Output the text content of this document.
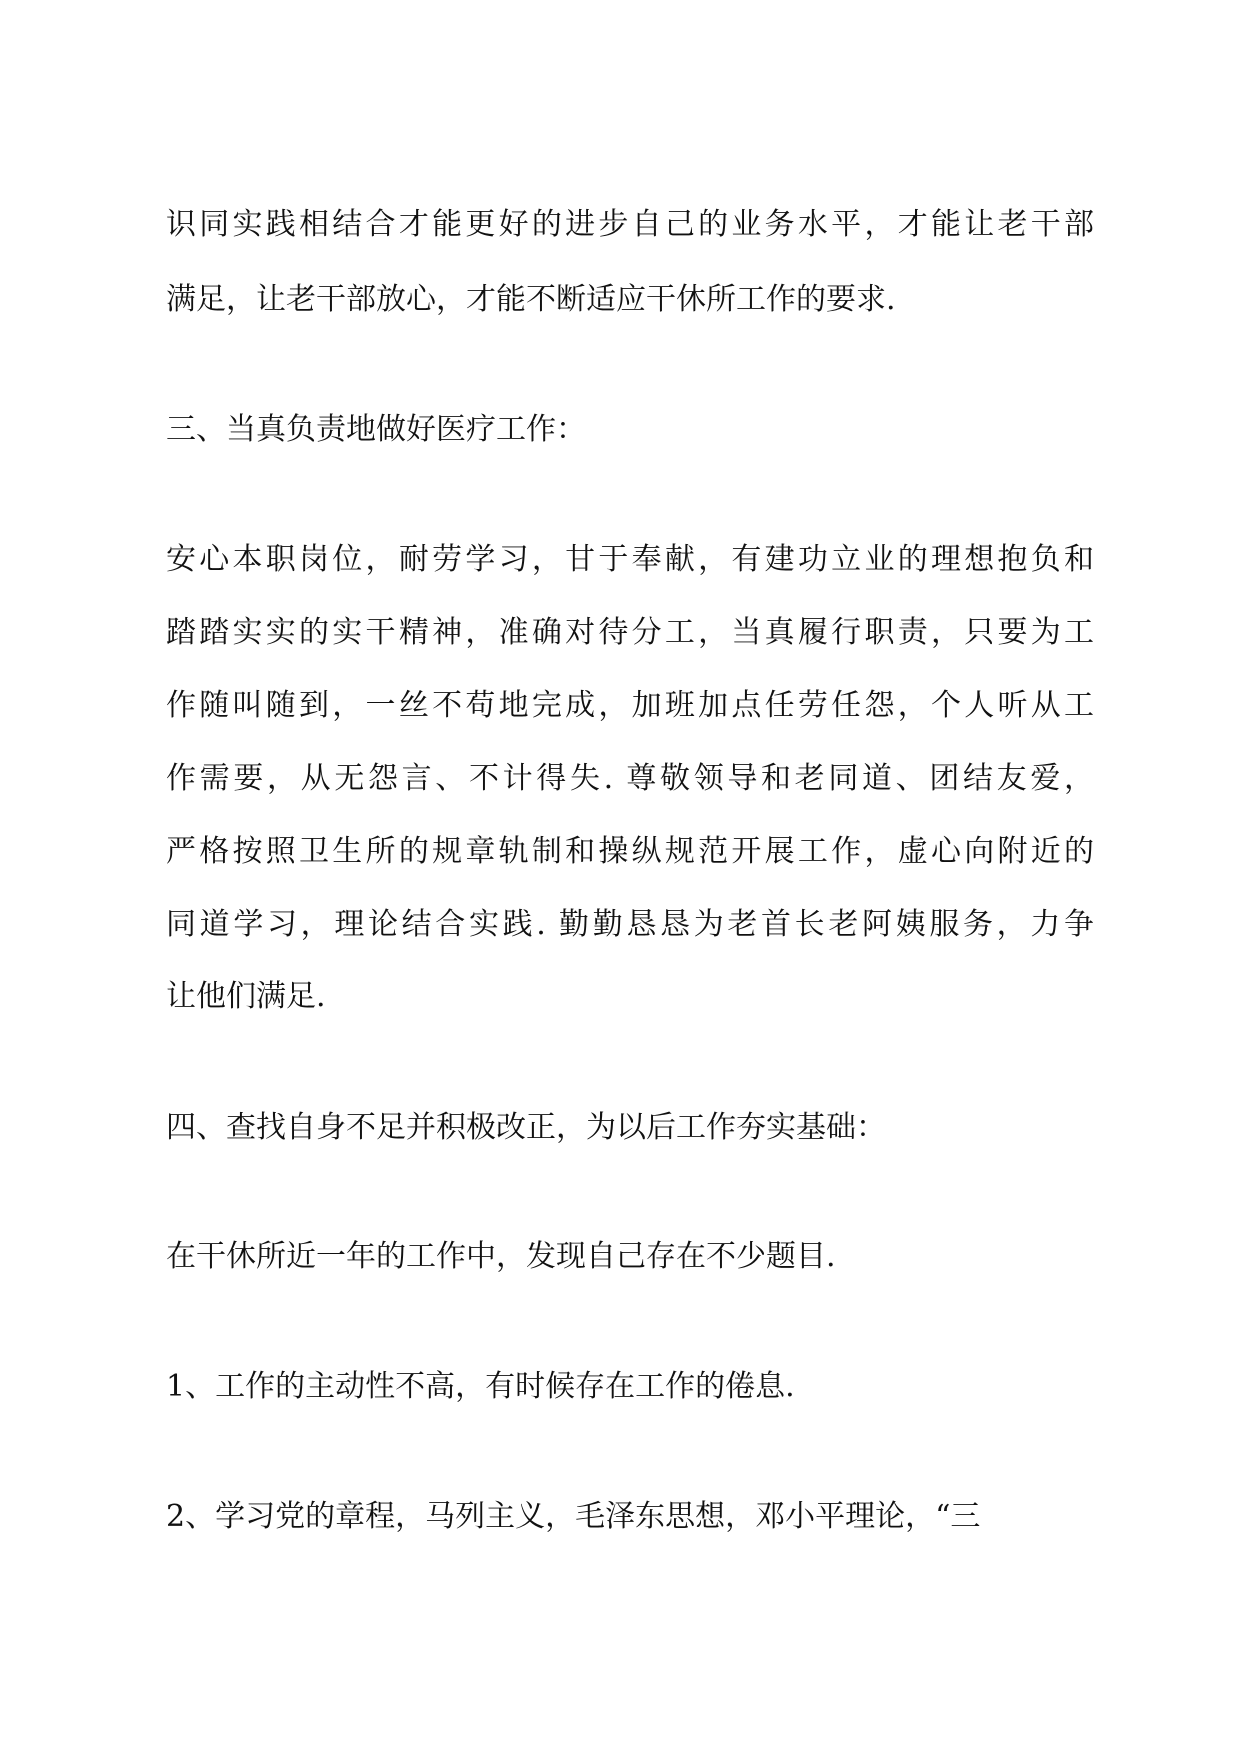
识同实践相结合才能更好的进步自己的业务水平，才能让老干部
满足，让老干部放心，才能不断适应干休所工作的要求.
三、当真负责地做好医疗工作：
安心本职岗位，耐劳学习，甘于奉献，有建功立业的理想抱负和
踏踏实实的实干精神，准确对待分工，当真履行职责，只要为工
作随叫随到，一丝不苟地完成，加班加点任劳任怨，个人听从工
作需要，从无怨言、不计得失. 尊敬领导和老同道、团结友爱，
严格按照卫生所的规章轨制和操纵规范开展工作，虚心向附近的
同道学习，理论结合实践. 勤勤恳恳为老首长老阿姨服务，力争
让他们满足.
四、查找自身不足并积极改正，为以后工作夯实基础：
在干休所近一年的工作中，发现自己存在不少题目.
1、工作的主动性不高，有时候存在工作的倦息.
2、学习党的章程，马列主义，毛泽东思想，邓小平理论，“三
